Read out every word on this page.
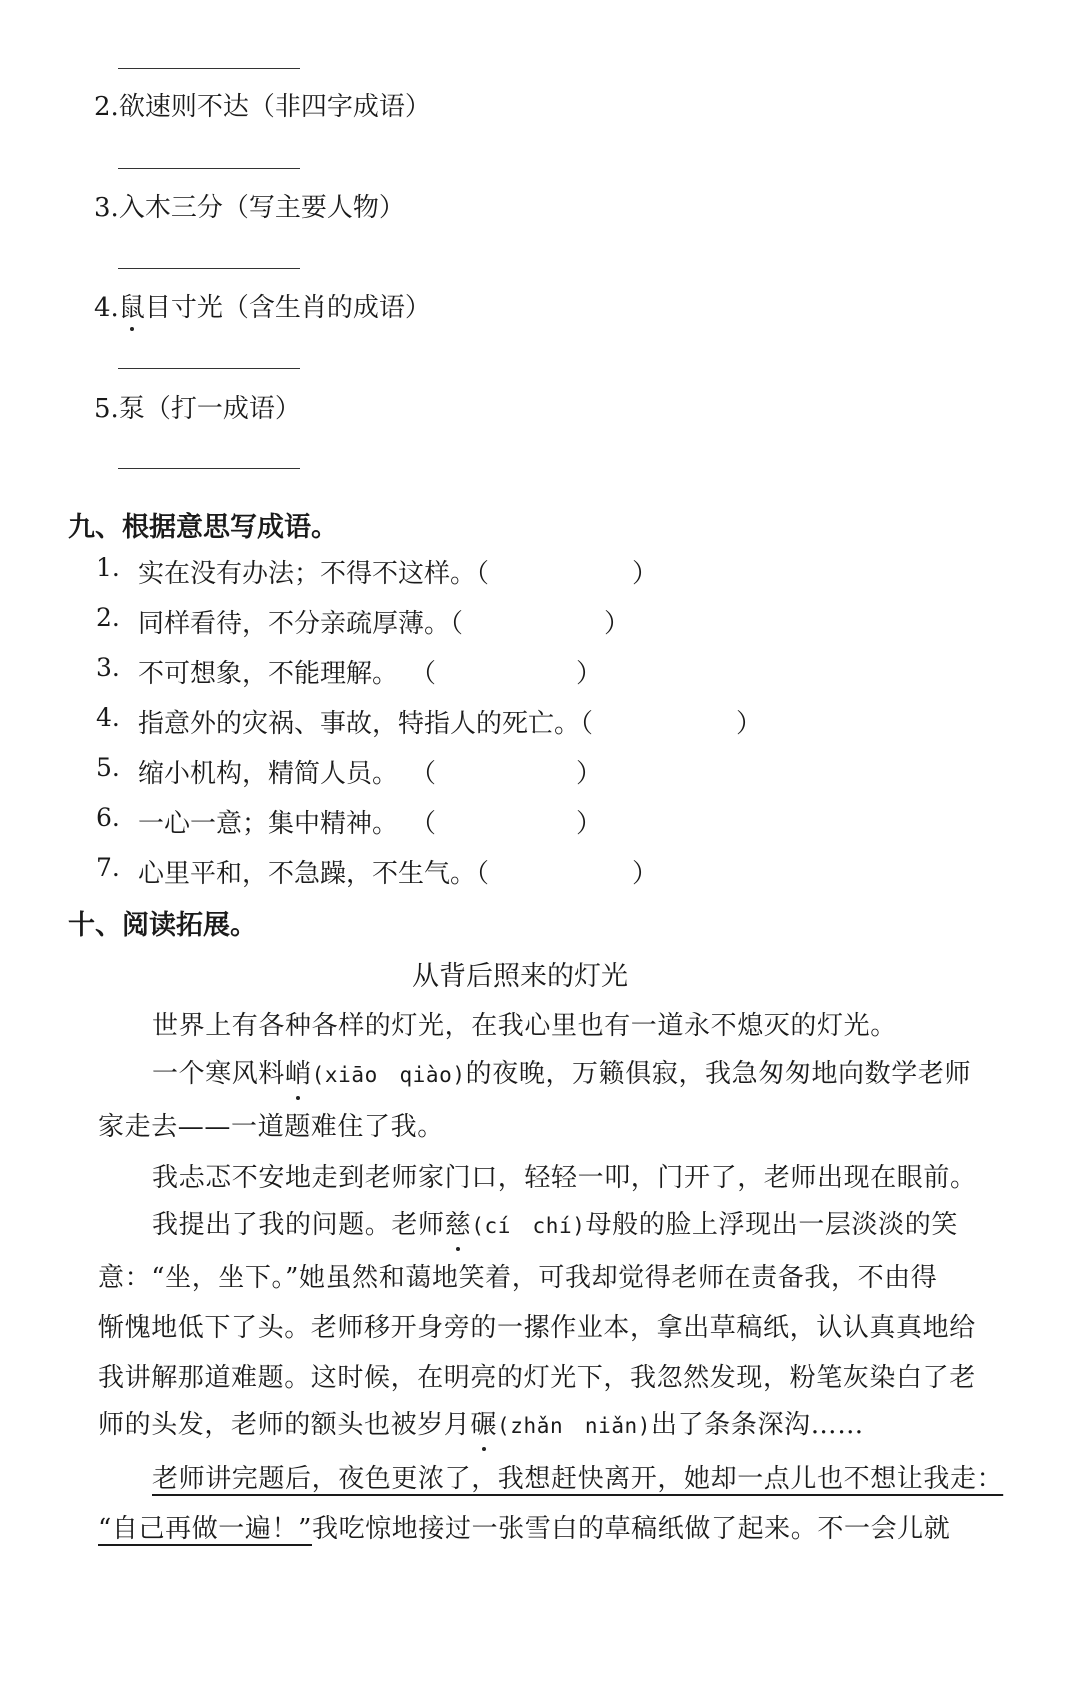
2.欲速则不达（非四字成语）
3.入木三分（写主要人物）
4.鼠目寸光（含生肖的成语）
5.泵（打一成语）
九、根据意思写成语。
1. 实在没有办法；不得不这样。（	）
2. 同样看待，不分亲疏厚薄。（	）
3. 不可想象，不能理解。 （	）
4. 指意外的灾祸、事故，特指人的死亡。（	）
5. 缩小机构，精简人员。 （	）
6. 一心一意；集中精神。 （	）
7. 心里平和，不急躁，不生气。（	）
十、阅读拓展。
从背后照来的灯光
世界上有各种各样的灯光，在我心里也有一道永不熄灭的灯光。
一个寒风料峭(xiāo　qiào)的夜晚，万籁俱寂，我急匆匆地向数学老师
家走去——一道题难住了我。
我忐忑不安地走到老师家门口，轻轻一叩，门开了，老师出现在眼前。
我提出了我的问题。老师慈(cí　chí)母般的脸上浮现出一层淡淡的笑
意：“坐，坐下。”她虽然和蔼地笑着，可我却觉得老师在责备我，不由得
惭愧地低下了头。老师移开身旁的一摞作业本，拿出草稿纸，认认真真地给
我讲解那道难题。这时候，在明亮的灯光下，我忽然发现，粉笔灰染白了老
师的头发，老师的额头也被岁月碾(zhǎn　niǎn)出了条条深沟……
老师讲完题后，夜色更浓了，我想赶快离开，她却一点儿也不想让我走：
“自己再做一遍！”我吃惊地接过一张雪白的草稿纸做了起来。不一会儿就
